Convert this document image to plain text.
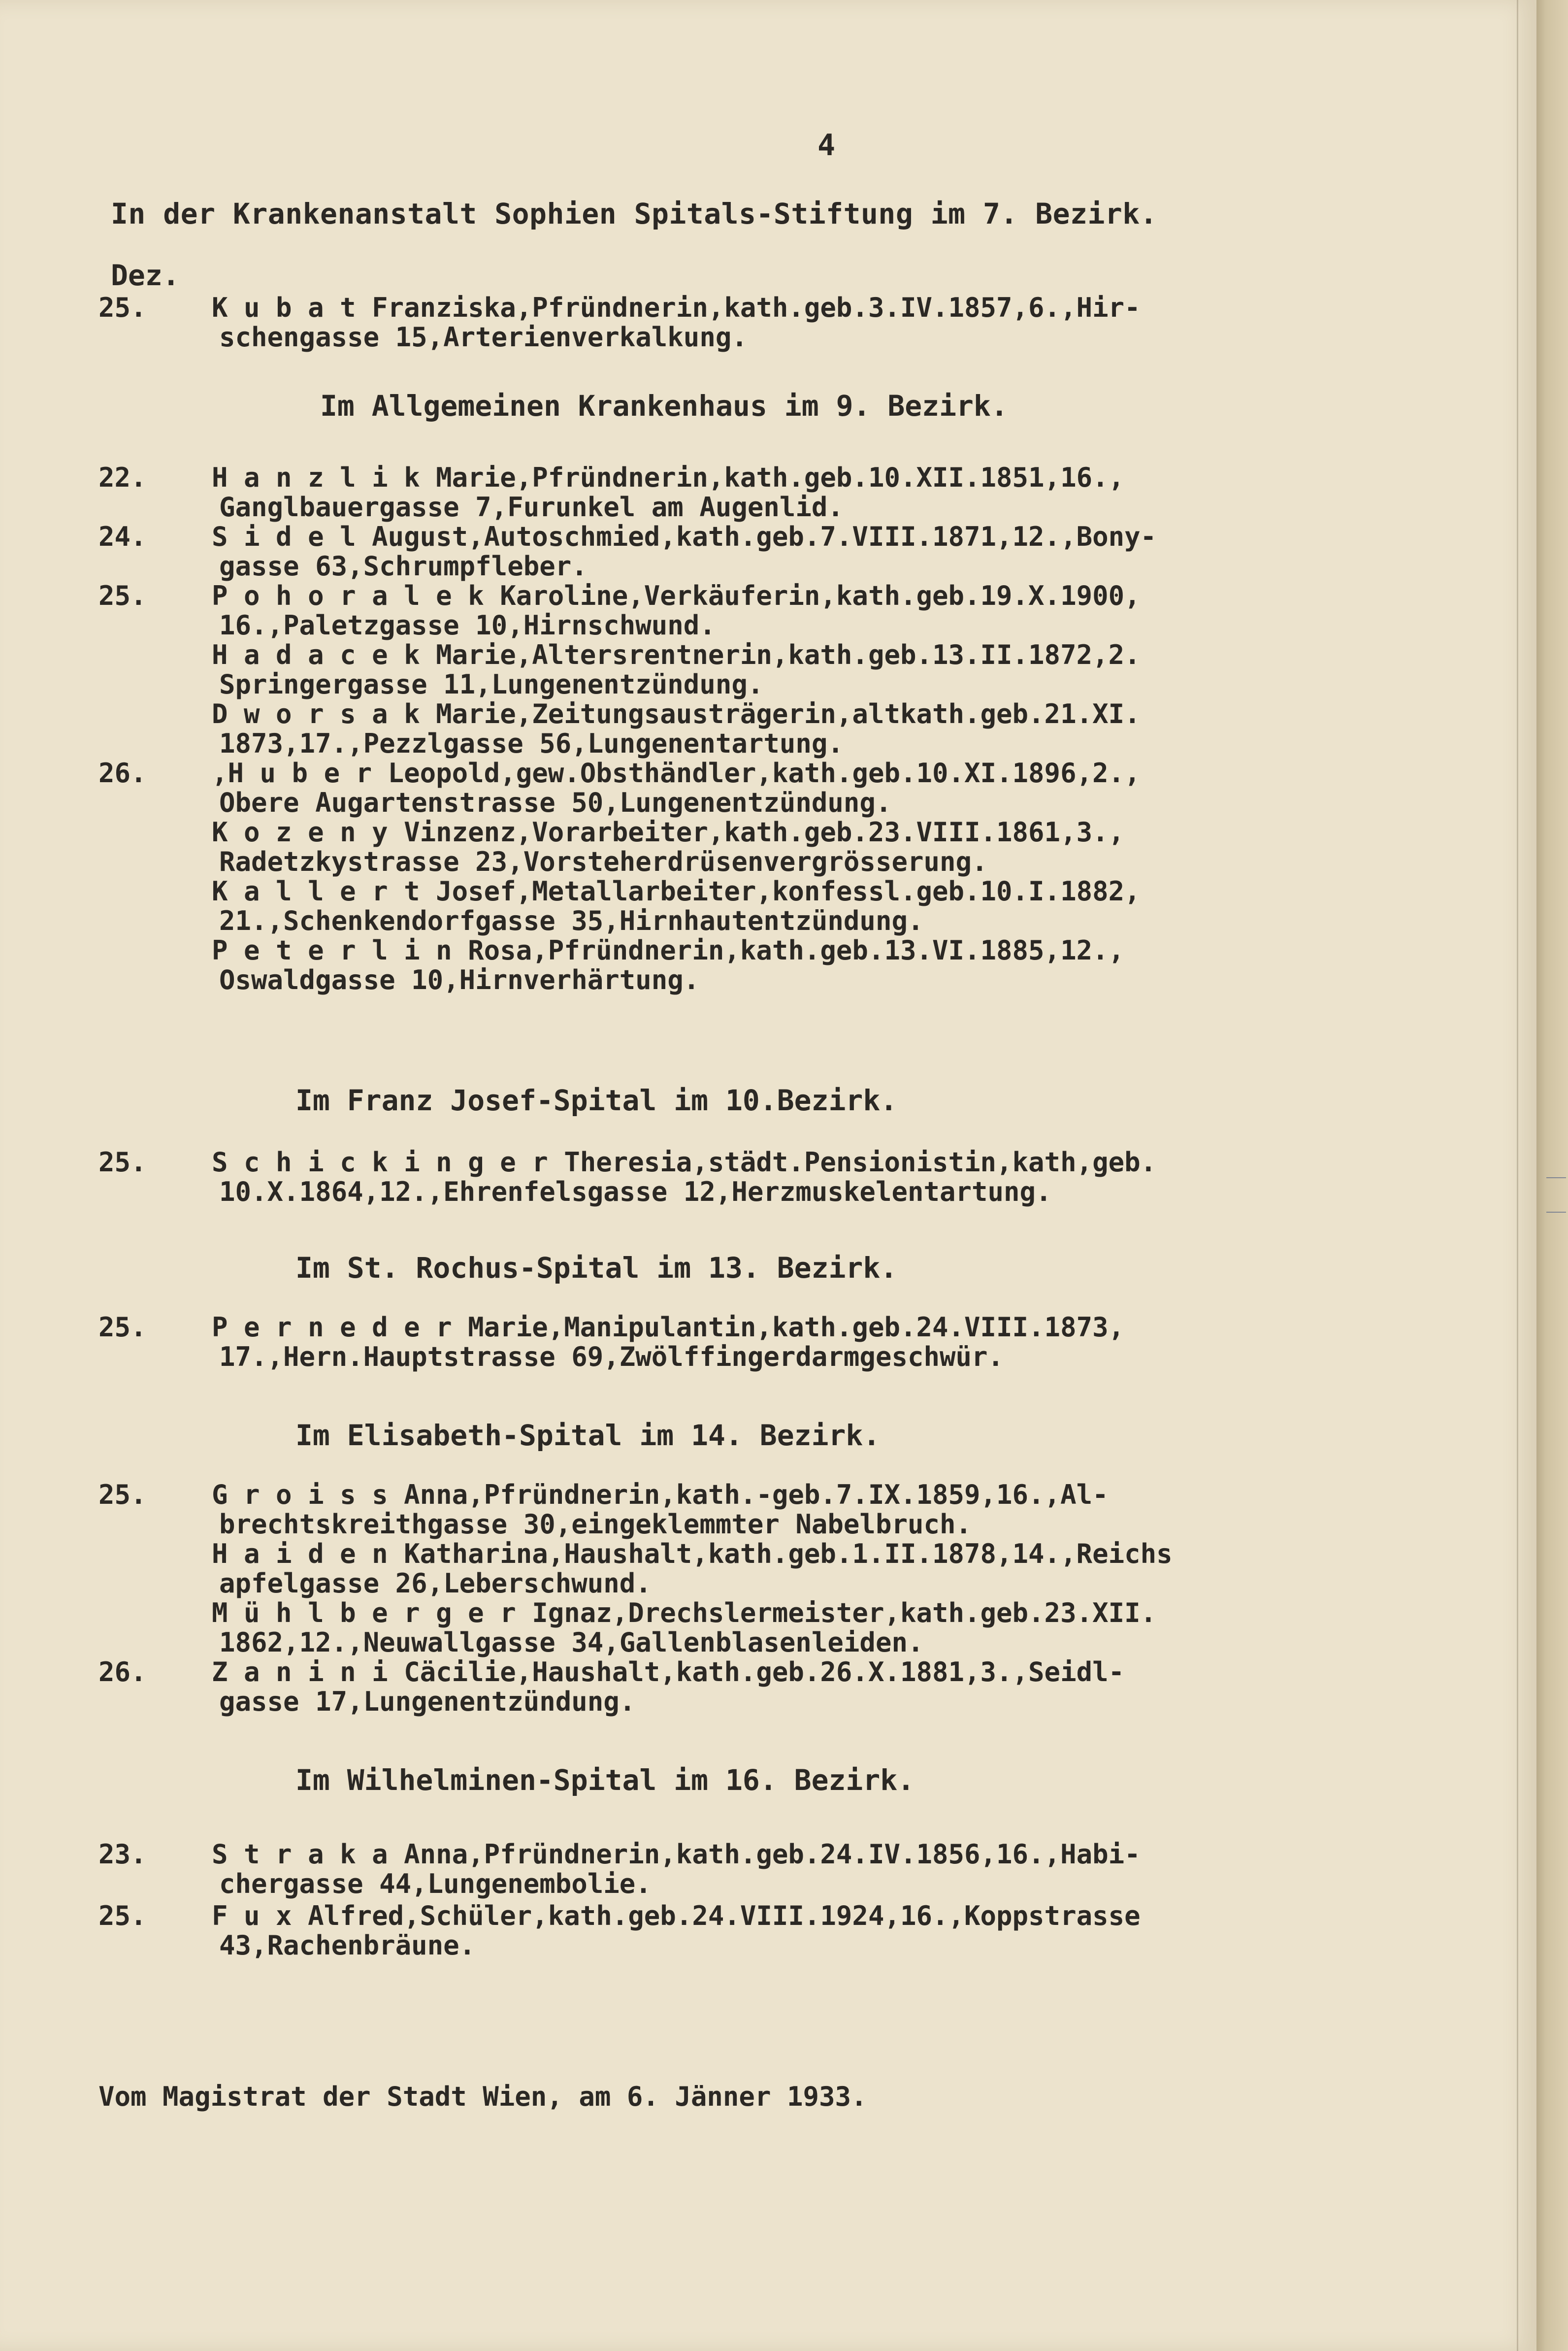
4

In der Krankenanstalt Sophien Spitals-Stiftung im 7. Bezirk.

Dez.

25. K u b a t Franziska,Pfründnerin,kath.geb.3.IV.1857,6.,Hir-
schengasse 15,Arterienverkalkung.

Im Allgemeinen Krankenhaus im 9. Bezirk.

22. H a n z l i k Marie,Pfründnerin,kath.geb.10.XII.1851,16.,
Ganglbauergasse 7,Furunkel am Augenlid.
24. S i d e l August,Autoschmied,kath.geb.7.VIII.1871,12.,Bony-
gasse 63,Schrumpfleber.
25. P o h o r a l e k Karoline,Verkäuferin,kath.geb.19.X.1900,
16.,Paletzgasse 10,Hirnschwund.
H a d a c e k Marie,Altersrentnerin,kath.geb.13.II.1872,2.
Springergasse 11,Lungenentzündung.
D w o r s a k Marie,Zeitungsausträgerin,altkath.geb.21.XI.
1873,17.,Pezzlgasse 56,Lungenentartung.
26. ,H u b e r Leopold,gew.Obsthändler,kath.geb.10.XI.1896,2.,
Obere Augartenstrasse 50,Lungenentzündung.
K o z e n y Vinzenz,Vorarbeiter,kath.geb.23.VIII.1861,3.,
Radetzkystrasse 23,Vorsteherdrüsenvergrösserung.
K a l l e r t Josef,Metallarbeiter,konfessl.geb.10.I.1882,
21.,Schenkendorfgasse 35,Hirnhautentzündung.
P e t e r l i n Rosa,Pfründnerin,kath.geb.13.VI.1885,12.,
Oswaldgasse 10,Hirnverhärtung.

Im Franz Josef-Spital im 10.Bezirk.

25. S c h i c k i n g e r Theresia,städt.Pensionistin,kath,geb.
10.X.1864,12.,Ehrenfelsgasse 12,Herzmuskelentartung.

Im St. Rochus-Spital im 13. Bezirk.

25. P e r n e d e r Marie,Manipulantin,kath.geb.24.VIII.1873,
17.,Hern.Hauptstrasse 69,Zwölffingerdarmgeschwür.

Im Elisabeth-Spital im 14. Bezirk.

25. G r o i s s Anna,Pfründnerin,kath.-geb.7.IX.1859,16.,Al-
brechtskreithgasse 30,eingeklemmter Nabelbruch.
H a i d e n Katharina,Haushalt,kath.geb.1.II.1878,14.,Reichs
apfelgasse 26,Leberschwund.
M ü h l b e r g e r Ignaz,Drechslermeister,kath.geb.23.XII.
1862,12.,Neuwallgasse 34,Gallenblasenleiden.
26. Z a n i n i Cäcilie,Haushalt,kath.geb.26.X.1881,3.,Seidl-
gasse 17,Lungenentzündung.

Im Wilhelminen-Spital im 16. Bezirk.

23. S t r a k a Anna,Pfründnerin,kath.geb.24.IV.1856,16.,Habi-
chergasse 44,Lungenembolie.
25. F u x Alfred,Schüler,kath.geb.24.VIII.1924,16.,Koppstrasse
43,Rachenbräune.

Vom Magistrat der Stadt Wien, am 6. Jänner 1933.
